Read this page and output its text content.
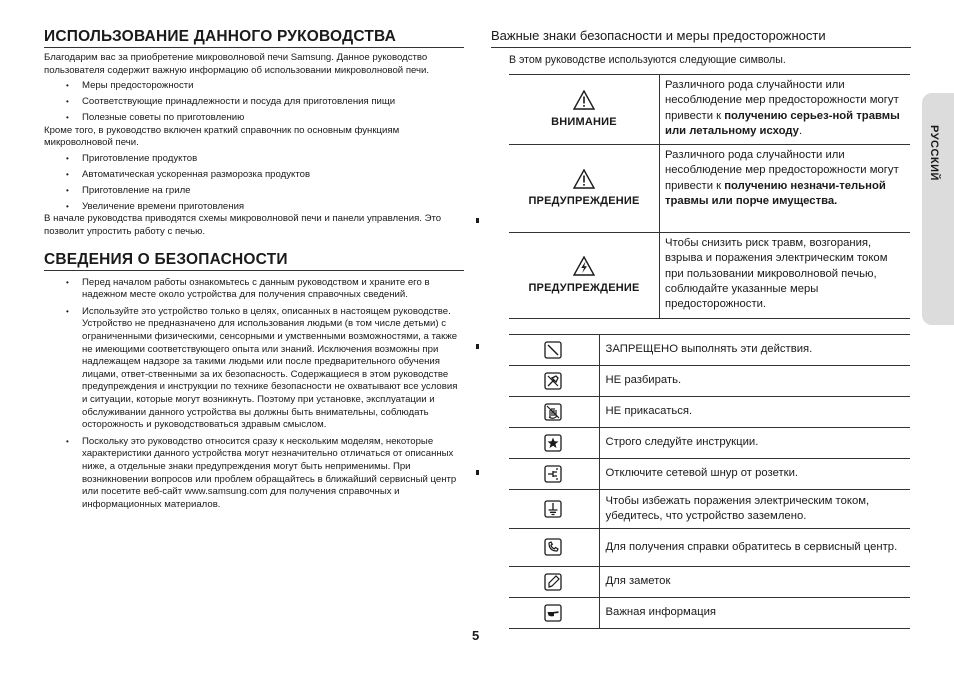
ИСПОЛЬЗОВАНИЕ ДАННОГО РУКОВОДСТВА

Благодарим вас за приобретение микроволновой печи Samsung. Данное руководство пользователя содержит важную информацию об использовании микроволновой печи.

• Меры предосторожности
• Соответствующие принадлежности и посуда для приготовления пищи
• Полезные советы по приготовлению

Кроме того, в руководство включен краткий справочник по основным функциям микроволновой печи.

• Приготовление продуктов
• Автоматическая ускоренная разморозка продуктов
• Приготовление на гриле
• Увеличение времени приготовления

В начале руководства приводятся схемы микроволновой печи и панели управления. Это позволит упростить работу с печью.

СВЕДЕНИЯ О БЕЗОПАСНОСТИ
• Перед началом работы ознакомьтесь с данным руководством и храните его в надежном месте около устройства для получения справочных сведений.
• Используйте это устройство только в целях, описанных в настоящем руководстве. Устройство не предназначено для использования людьми (в том числе детьми) с ограниченными физическими, сенсорными и умственными возможностями, а также не имеющими соответствующего опыта или знаний. Исключения возможны при надлежащем надзоре за такими людьми или после предварительного обучения лицами, ответ-ственными за их безопасность. Содержащиеся в этом руководстве предупреждения и инструкции по технике безопасности не охватывают все условия и ситуации, которые могут возникнуть. Поэтому при установке, эксплуатации и обслуживании данного устройства вы должны быть внимательны, соблюдать осторожность и руководствоваться здравым смыслом.
• Поскольку это руководство относится сразу к нескольким моделям, некоторые характеристики данного устройства могут незначительно отличаться от описанных ниже, а отдельные знаки предупреждения могут быть неприменимы. При возникновении вопросов или проблем обращайтесь в ближайший сервисный центр или посетите веб-сайт www.samsung.com для получения справочных и информационных материалов.
Важные знаки безопасности и меры предосторожности

В этом руководстве используются следующие символы.

ВНИМАНИЕ	Различного рода случайности или несоблюдение мер предосторожности могут привести к получению серьез-ной травмы или летальному исходу.

ПРЕДУПРЕЖДЕНИЕ	Различного рода случайности или несоблюдение мер предосторожности могут привести к получению незначи-тельной травмы или порче имущества.

ПРЕДУПРЕЖДЕНИЕ	Чтобы снизить риск травм, возгорания, взрыва и поражения электрическим током при пользовании микроволновой печью, соблюдайте указанные меры предосторожности.
	ЗАПРЕЩЕНО выполнять эти действия.
	НЕ разбирать.
	НЕ прикасаться.
	Строго следуйте инструкции.
	Отключите сетевой шнур от розетки.
	Чтобы избежать поражения электрическим током, убедитесь, что устройство заземлено.
	Для получения справки обратитесь в сервисный центр.
	Для заметок
	Важная информация
РУССКИЙ
5
